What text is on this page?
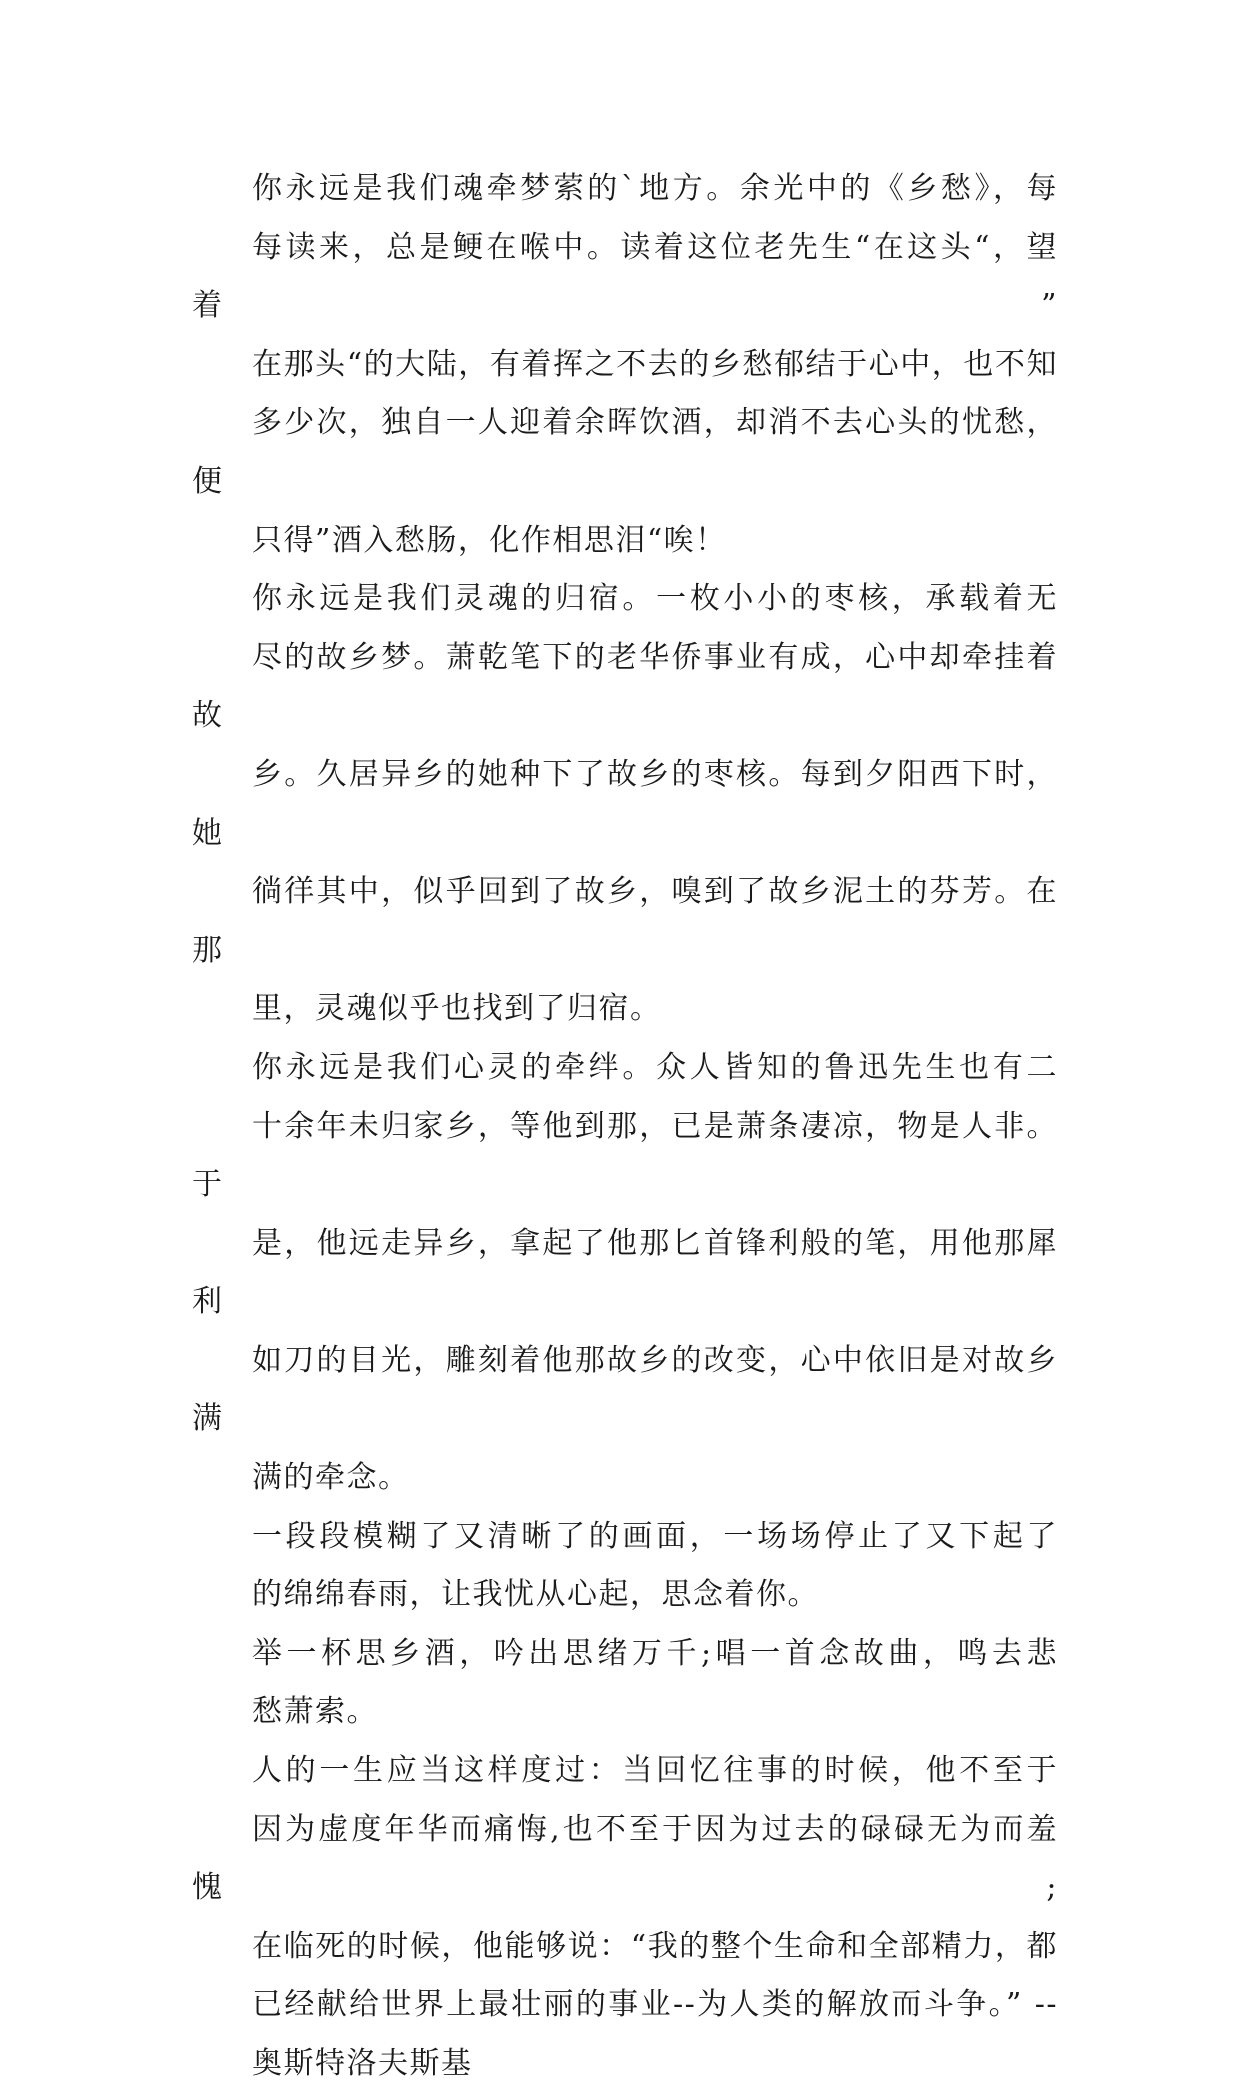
你永远是我们魂牵梦萦的`地方。余光中的《乡愁》，每
每读来，总是鲠在喉中。读着这位老先生“在这头“，望着”
在那头“的大陆，有着挥之不去的乡愁郁结于心中，也不知
多少次，独自一人迎着余晖饮酒，却消不去心头的忧愁，便
只得”酒入愁肠，化作相思泪“唉！

你永远是我们灵魂的归宿。一枚小小的枣核，承载着无
尽的故乡梦。萧乾笔下的老华侨事业有成，心中却牵挂着故
乡。久居异乡的她种下了故乡的枣核。每到夕阳西下时，她
徜徉其中，似乎回到了故乡，嗅到了故乡泥土的芬芳。在那
里，灵魂似乎也找到了归宿。

你永远是我们心灵的牵绊。众人皆知的鲁迅先生也有二
十余年未归家乡，等他到那，已是萧条凄凉，物是人非。于
是，他远走异乡，拿起了他那匕首锋利般的笔，用他那犀利
如刀的目光，雕刻着他那故乡的改变，心中依旧是对故乡满
满的牵念。

一段段模糊了又清晰了的画面，一场场停止了又下起了
的绵绵春雨，让我忧从心起，思念着你。

举一杯思乡酒，吟出思绪万千;唱一首念故曲，鸣去悲
愁萧索。

人的一生应当这样度过：当回忆往事的时候，他不至于
因为虚度年华而痛悔,也不至于因为过去的碌碌无为而羞愧;
在临死的时候，他能够说：“我的整个生命和全部精力，都
已经献给世界上最壮丽的事业--为人类的解放而斗争。” --
奥斯特洛夫斯基
